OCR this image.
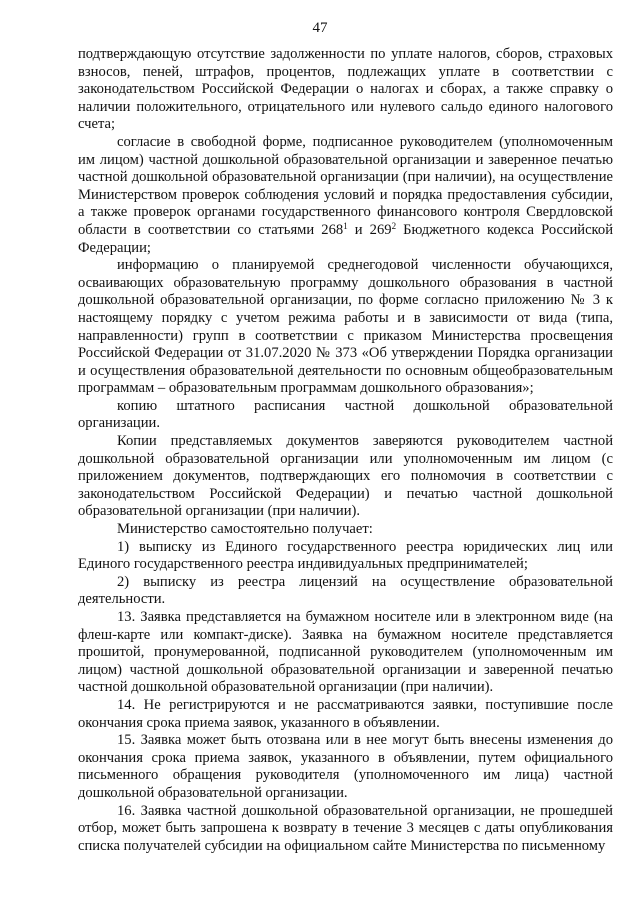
47

подтверждающую отсутствие задолженности по уплате налогов, сборов, страховых взносов, пеней, штрафов, процентов, подлежащих уплате в соответствии с законодательством Российской Федерации о налогах и сборах, а также справку о наличии положительного, отрицательного или нулевого сальдо единого налогового счета;

согласие в свободной форме, подписанное руководителем (уполномоченным им лицом) частной дошкольной образовательной организации и заверенное печатью частной дошкольной образовательной организации (при наличии), на осуществление Министерством проверок соблюдения условий и порядка предоставления субсидии, а также проверок органами государственного финансового контроля Свердловской области в соответствии со статьями $268^1$ и $269^2$ Бюджетного кодекса Российской Федерации;

информацию о планируемой среднегодовой численности обучающихся, осваивающих образовательную программу дошкольного образования в частной дошкольной образовательной организации, по форме согласно приложению № 3 к настоящему порядку с учетом режима работы и в зависимости от вида (типа, направленности) групп в соответствии с приказом Министерства просвещения Российской Федерации от 31.07.2020 № 373 «Об утверждении Порядка организации и осуществления образовательной деятельности по основным общеобразовательным программам – образовательным программам дошкольного образования»;

копию штатного расписания частной дошкольной образовательной организации.

Копии представляемых документов заверяются руководителем частной дошкольной образовательной организации или уполномоченным им лицом (с приложением документов, подтверждающих его полномочия в соответствии с законодательством Российской Федерации) и печатью частной дошкольной образовательной организации (при наличии).

Министерство самостоятельно получает:

1) выписку из Единого государственного реестра юридических лиц или Единого государственного реестра индивидуальных предпринимателей;

2) выписку из реестра лицензий на осуществление образовательной деятельности.

13. Заявка представляется на бумажном носителе или в электронном виде (на флеш-карте или компакт-диске). Заявка на бумажном носителе представляется прошитой, пронумерованной, подписанной руководителем (уполномоченным им лицом) частной дошкольной образовательной организации и заверенной печатью частной дошкольной образовательной организации (при наличии).

14. Не регистрируются и не рассматриваются заявки, поступившие после окончания срока приема заявок, указанного в объявлении.

15. Заявка может быть отозвана или в нее могут быть внесены изменения до окончания срока приема заявок, указанного в объявлении, путем официального письменного обращения руководителя (уполномоченного им лица) частной дошкольной образовательной организации.

16. Заявка частной дошкольной образовательной организации, не прошедшей отбор, может быть запрошена к возврату в течение 3 месяцев с даты опубликования списка получателей субсидии на официальном сайте Министерства по письменному
